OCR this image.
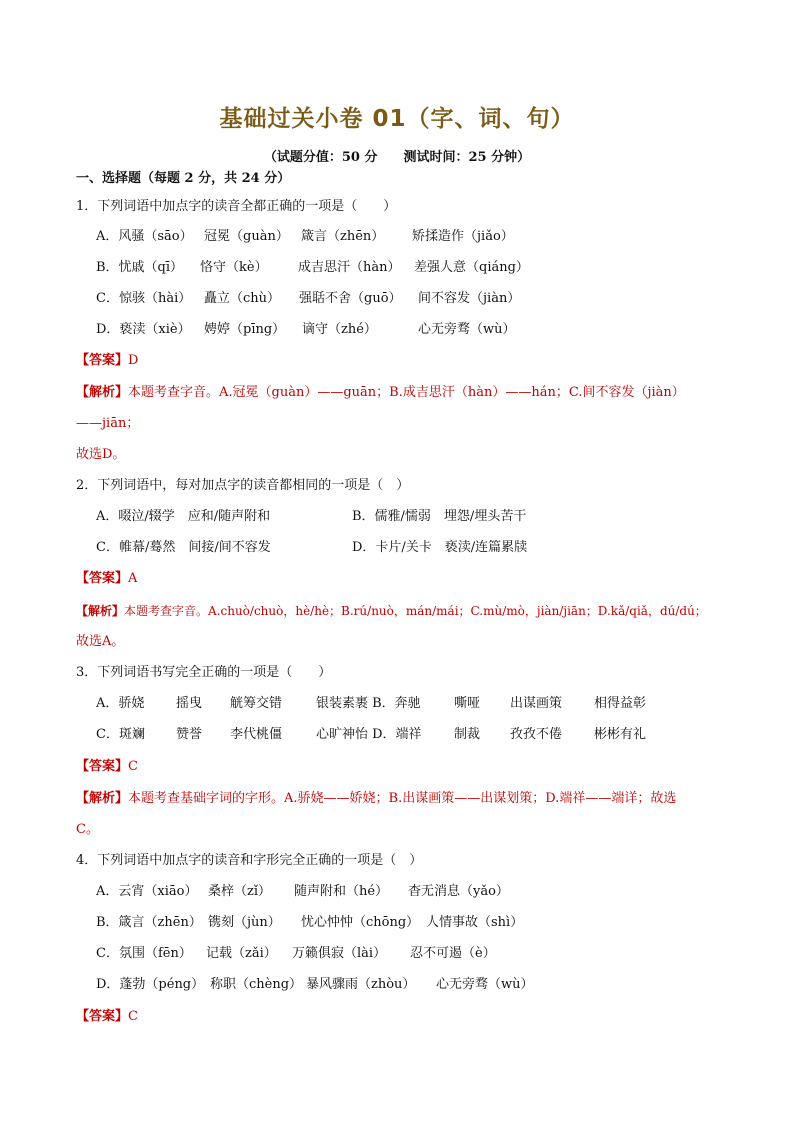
基础过关小卷 01（字、词、句）
（试题分值：50 分　　测试时间：25 分钟）
一、选择题（每题 2 分，共 24 分）
1．下列词语中加点字的读音全都正确的一项是（　　）
A．风骚（sāo） 冠冕（guàn） 箴言（zhēn） 矫揉造作（jiǎo）
B．忧戚（qī） 恪守（kè） 成吉思汗（hàn） 差强人意（qiáng）
C．惊骇（hài） 矗立（chù） 强聒不舍（guō） 间不容发（jiàn）
D．亵渎（xiè） 娉婷（pīng） 谪守（zhé）	心无旁骛（wù）
【答案】D
【解析】本题考查字音。A.冠冕（guàn）——guān；B.成吉思汗（hàn）——hán；C.间不容发（jiàn）
——jiān；
故选D。
2．下列词语中，每对加点字的读音都相同的一项是（　）
A．啜泣/辍学　应和/随声附和	B．儒雅/懦弱　埋怨/埋头苦干
C．帷幕/蓦然　间接/间不容发	D．卡片/关卡　亵渎/连篇累牍
【答案】A
【解析】本题考查字音。A.chuò/chuò，hè/hè；B.rú/nuò，mán/mái；C.mù/mò，jiàn/jiān；D.kǎ/qiǎ，dú/dú；
故选A。
3．下列词语书写完全正确的一项是（　　）
A．骄娆 摇曳 觥筹交错	银装素裹 B．奔驰	嘶哑 出谋画策 相得益彰
C．斑斓 赞誉 李代桃僵	心旷神怡 D．端祥 制裁 孜孜不倦 彬彬有礼
【答案】C
【解析】本题考查基础字词的字形。A.骄娆——娇娆；B.出谋画策——出谋划策；D.端祥——端详；故选
C。
4．下列词语中加点字的读音和字形完全正确的一项是（　）
A．云宵（xiāo） 桑梓（zǐ） 随声附和（hé） 杳无消息（yǎo）
B．箴言（zhēn） 镌刻（jùn） 忧心忡忡（chōng） 人情事故（shì）
C．氛围（fēn） 记载（zǎi） 万籁俱寂（lài） 忍不可遏（è）
D．蓬勃（péng） 称职（chèng） 暴风骤雨（zhòu） 心无旁骛（wù）
【答案】C
